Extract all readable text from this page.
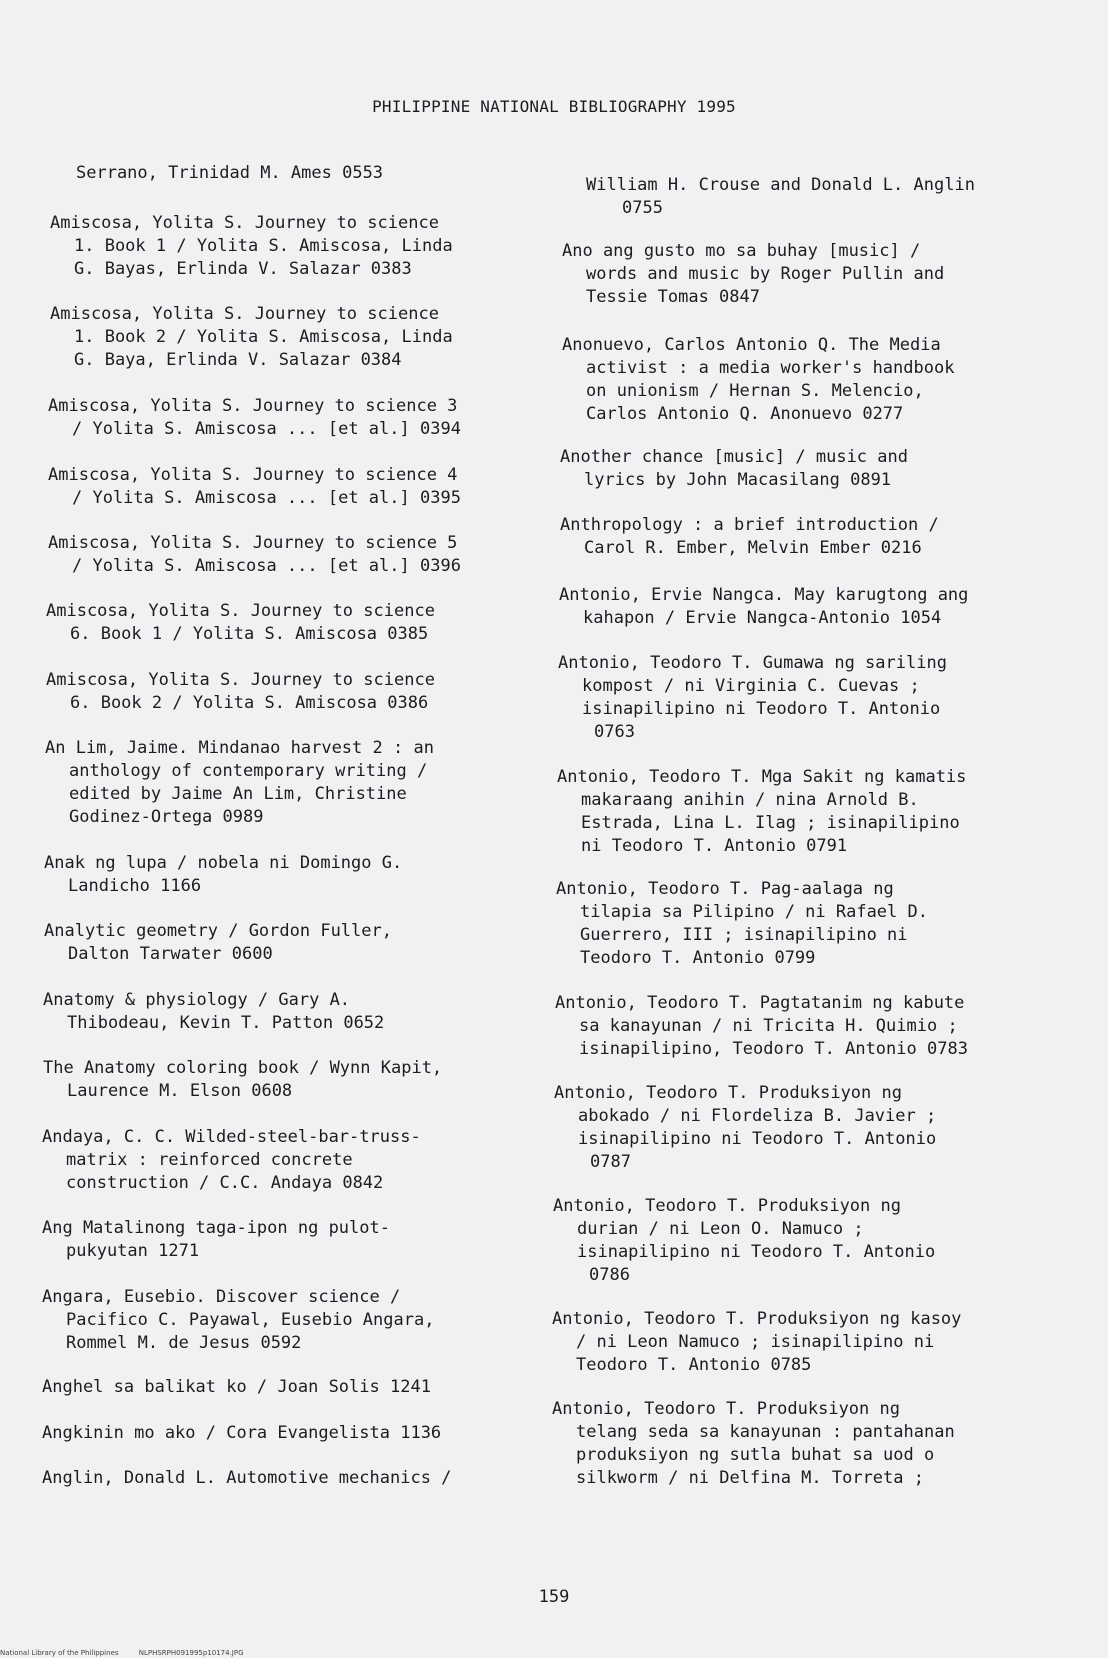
PHILIPPINE NATIONAL BIBLIOGRAPHY 1995
Serrano, Trinidad M. Ames 0553
Amiscosa, Yolita S. Journey to science
1. Book 1 / Yolita S. Amiscosa, Linda
G. Bayas, Erlinda V. Salazar 0383
Amiscosa, Yolita S. Journey to science
1. Book 2 / Yolita S. Amiscosa, Linda
G. Baya, Erlinda V. Salazar 0384
Amiscosa, Yolita S. Journey to science 3
/ Yolita S. Amiscosa ... [et al.] 0394
Amiscosa, Yolita S. Journey to science 4
/ Yolita S. Amiscosa ... [et al.] 0395
Amiscosa, Yolita S. Journey to science 5
/ Yolita S. Amiscosa ... [et al.] 0396
Amiscosa, Yolita S. Journey to science
6. Book 1 / Yolita S. Amiscosa 0385
Amiscosa, Yolita S. Journey to science
6. Book 2 / Yolita S. Amiscosa 0386
An Lim, Jaime. Mindanao harvest 2 : an
anthology of contemporary writing /
edited by Jaime An Lim, Christine
Godinez-Ortega 0989
Anak ng lupa / nobela ni Domingo G.
Landicho 1166
Analytic geometry / Gordon Fuller,
Dalton Tarwater 0600
Anatomy & physiology / Gary A.
Thibodeau, Kevin T. Patton 0652
The Anatomy coloring book / Wynn Kapit,
Laurence M. Elson 0608
Andaya, C. C. Wilded-steel-bar-truss-
matrix : reinforced concrete
construction / C.C. Andaya 0842
Ang Matalinong taga-ipon ng pulot-
pukyutan 1271
Angara, Eusebio. Discover science /
Pacifico C. Payawal, Eusebio Angara,
Rommel M. de Jesus 0592
Anghel sa balikat ko / Joan Solis 1241
Angkinin mo ako / Cora Evangelista 1136
Anglin, Donald L. Automotive mechanics /
William H. Crouse and Donald L. Anglin
0755
Ano ang gusto mo sa buhay [music] /
words and music by Roger Pullin and
Tessie Tomas 0847
Anonuevo, Carlos Antonio Q. The Media
activist : a media worker's handbook
on unionism / Hernan S. Melencio,
Carlos Antonio Q. Anonuevo 0277
Another chance [music] / music and
lyrics by John Macasilang 0891
Anthropology : a brief introduction /
Carol R. Ember, Melvin Ember 0216
Antonio, Ervie Nangca. May karugtong ang
kahapon / Ervie Nangca-Antonio 1054
Antonio, Teodoro T. Gumawa ng sariling
kompost / ni Virginia C. Cuevas ;
isinapilipino ni Teodoro T. Antonio
0763
Antonio, Teodoro T. Mga Sakit ng kamatis
makaraang anihin / nina Arnold B.
Estrada, Lina L. Ilag ; isinapilipino
ni Teodoro T. Antonio 0791
Antonio, Teodoro T. Pag-aalaga ng
tilapia sa Pilipino / ni Rafael D.
Guerrero, III ; isinapilipino ni
Teodoro T. Antonio 0799
Antonio, Teodoro T. Pagtatanim ng kabute
sa kanayunan / ni Tricita H. Quimio ;
isinapilipino, Teodoro T. Antonio 0783
Antonio, Teodoro T. Produksiyon ng
abokado / ni Flordeliza B. Javier ;
isinapilipino ni Teodoro T. Antonio
0787
Antonio, Teodoro T. Produksiyon ng
durian / ni Leon O. Namuco ;
isinapilipino ni Teodoro T. Antonio
0786
Antonio, Teodoro T. Produksiyon ng kasoy
/ ni Leon Namuco ; isinapilipino ni
Teodoro T. Antonio 0785
Antonio, Teodoro T. Produksiyon ng
telang seda sa kanayunan : pantahanan
produksiyon ng sutla buhat sa uod o
silkworm / ni Delfina M. Torreta ;
159
National Library of the Philippines	NLPHSRPH091995p10174.JPG
